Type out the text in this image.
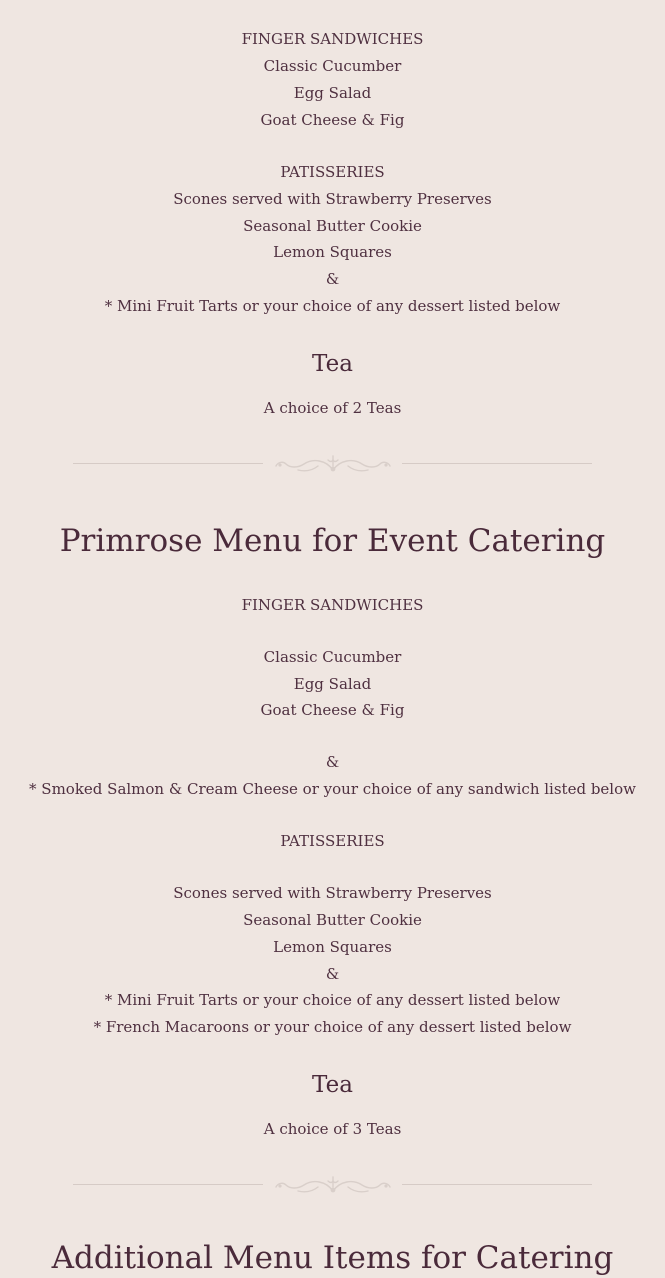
FINGER SANDWICHES
Classic Cucumber
Egg Salad
Goat Cheese & Fig
PATISSERIES
Scones served with Strawberry Preserves
Seasonal Butter Cookie
Lemon Squares
&
* Mini Fruit Tarts or your choice of any dessert listed below
Tea
A choice of 2 Teas
Primrose Menu for Event Catering
FINGER SANDWICHES
Classic Cucumber
Egg Salad
Goat Cheese & Fig
&
* Smoked Salmon & Cream Cheese or your choice of any sandwich listed below
PATISSERIES
Scones served with Strawberry Preserves
Seasonal Butter Cookie
Lemon Squares
&
* Mini Fruit Tarts or your choice of any dessert listed below
* French Macaroons or your choice of any dessert listed below
Tea
A choice of 3 Teas
Additional Menu Items for Catering
